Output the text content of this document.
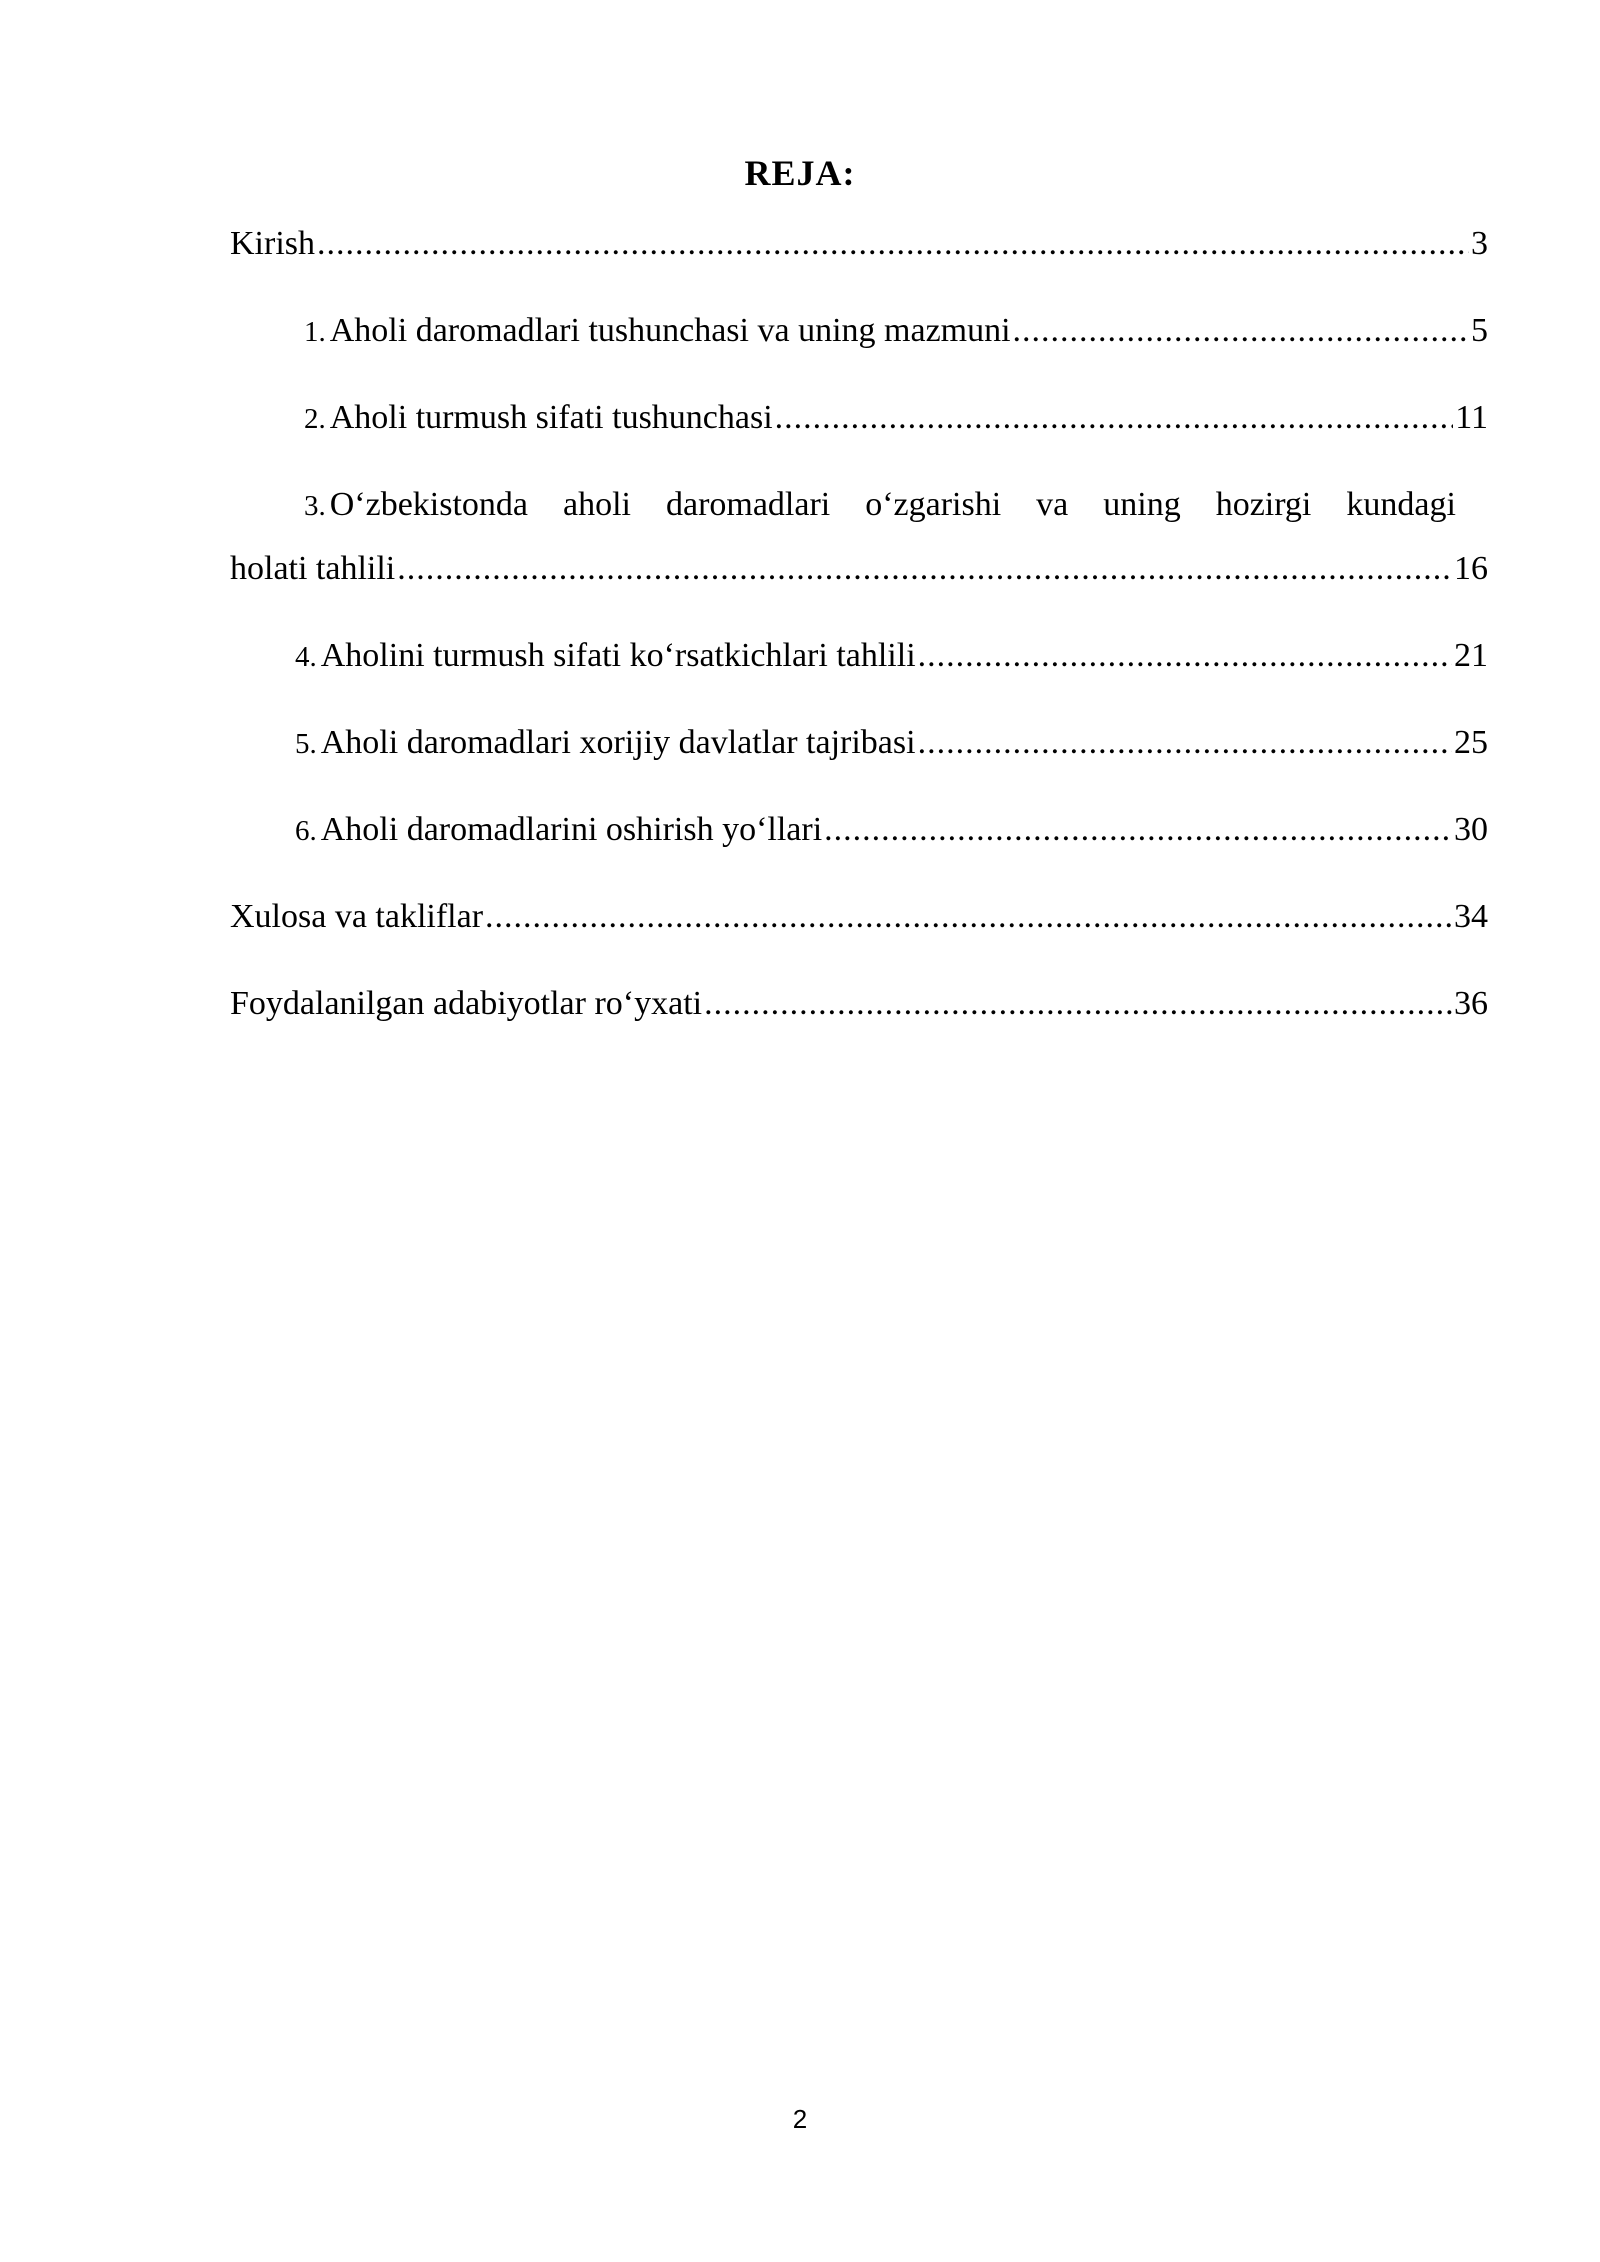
REJA:
Kirish .....	3
1. Aholi daromadlari tushunchasi va uning mazmuni .....	5
2. Aholi turmush sifati tushunchasi .....	11
3. O‘zbekistonda aholi daromadlari o‘zgarishi va uning hozirgi kundagi
holati tahlili .....	16
4. Aholini turmush sifati ko‘rsatkichlari tahlili .....	21
5. Aholi daromadlari xorijiy davlatlar tajribasi .....	25
6. Aholi daromadlarini oshirish yo‘llari .....	30
Xulosa va takliflar .....	34
Foydalanilgan adabiyotlar ro‘yxati .....	36
2
